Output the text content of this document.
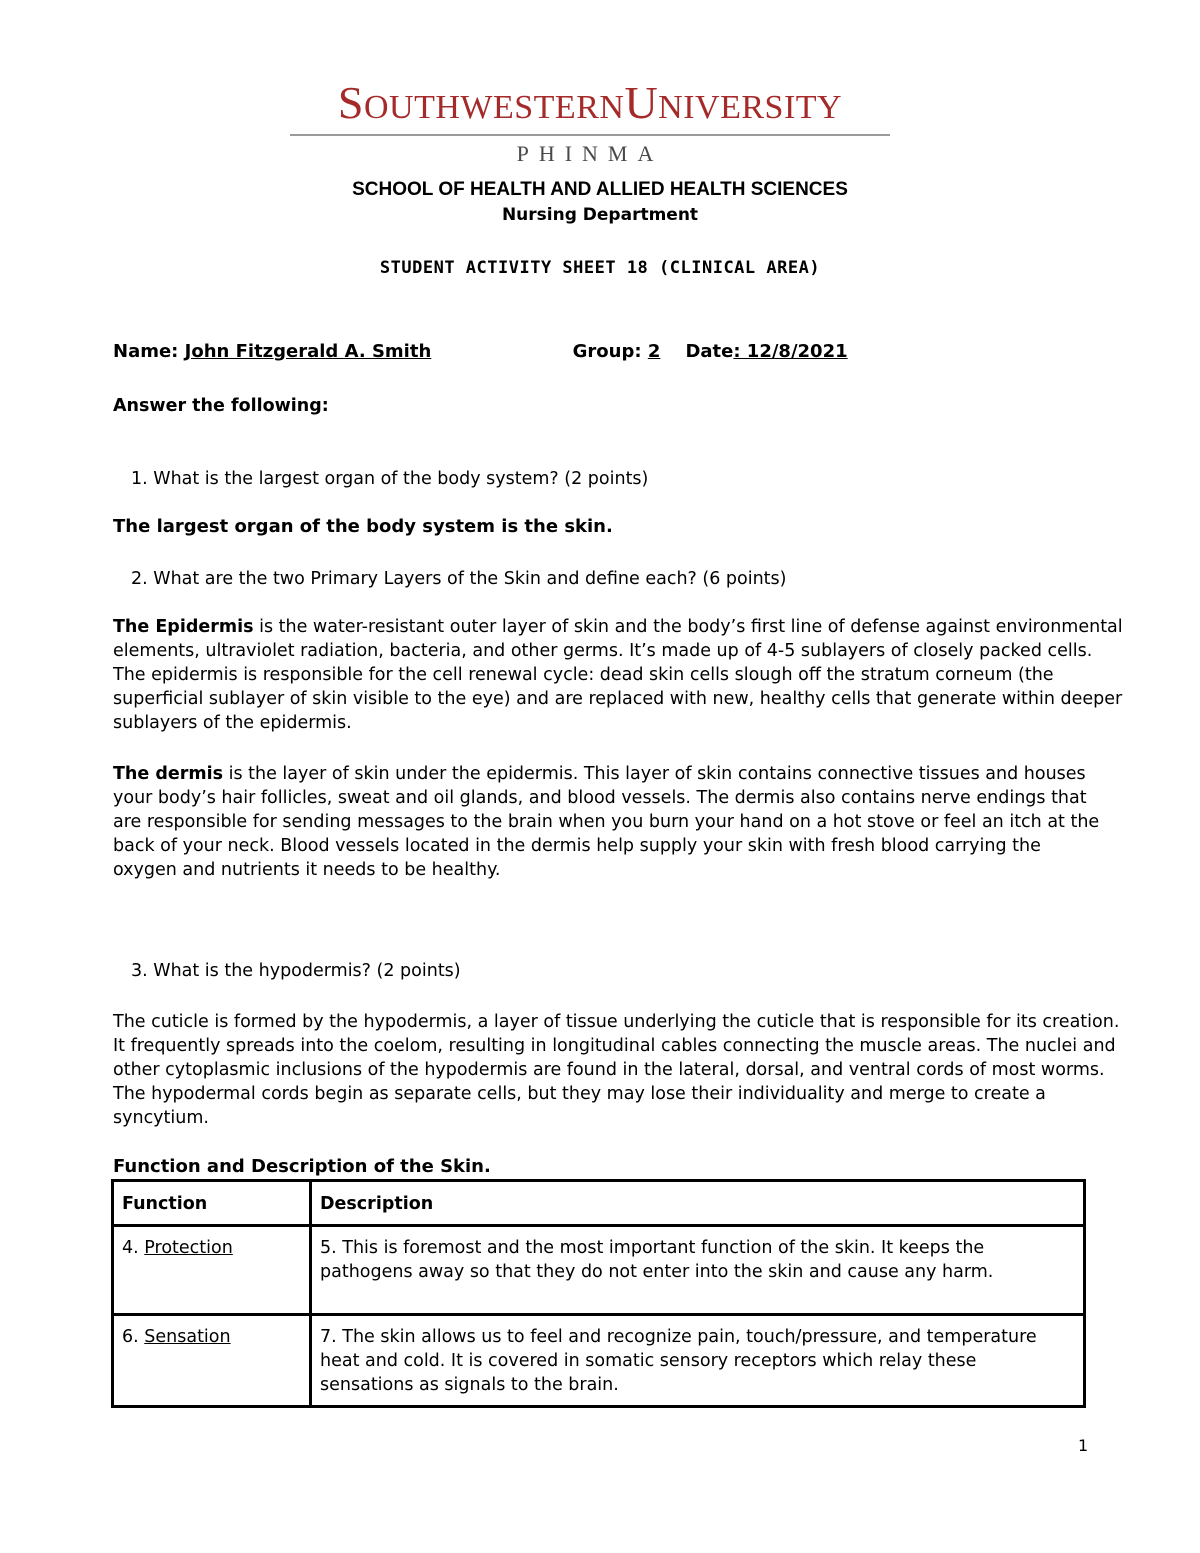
SOUTHWESTERNUNIVERSITY
PHINMA
SCHOOL OF HEALTH AND ALLIED HEALTH SCIENCES
Nursing Department
STUDENT ACTIVITY SHEET 18 (CLINICAL AREA)
Name: John Fitzgerald A. Smith	Group: 2 Date: 12/8/2021
Answer the following:
1. What is the largest organ of the body system? (2 points)
The largest organ of the body system is the skin.
2. What are the two Primary Layers of the Skin and define each? (6 points)
The Epidermis is the water-resistant outer layer of skin and the body’s first line of defense against environmental elements, ultraviolet radiation, bacteria, and other germs. It’s made up of 4-5 sublayers of closely packed cells. The epidermis is responsible for the cell renewal cycle: dead skin cells slough off the stratum corneum (the superficial sublayer of skin visible to the eye) and are replaced with new, healthy cells that generate within deeper sublayers of the epidermis.
The dermis is the layer of skin under the epidermis. This layer of skin contains connective tissues and houses your body’s hair follicles, sweat and oil glands, and blood vessels. The dermis also contains nerve endings that are responsible for sending messages to the brain when you burn your hand on a hot stove or feel an itch at the back of your neck. Blood vessels located in the dermis help supply your skin with fresh blood carrying the oxygen and nutrients it needs to be healthy.
3. What is the hypodermis? (2 points)
The cuticle is formed by the hypodermis, a layer of tissue underlying the cuticle that is responsible for its creation. It frequently spreads into the coelom, resulting in longitudinal cables connecting the muscle areas. The nuclei and other cytoplasmic inclusions of the hypodermis are found in the lateral, dorsal, and ventral cords of most worms. The hypodermal cords begin as separate cells, but they may lose their individuality and merge to create a syncytium.
Function and Description of the Skin.
Function	Description
4. Protection	5. This is foremost and the most important function of the skin. It keeps the pathogens away so that they do not enter into the skin and cause any harm.
6. Sensation	7. The skin allows us to feel and recognize pain, touch/pressure, and temperature heat and cold. It is covered in somatic sensory receptors which relay these sensations as signals to the brain.
1
